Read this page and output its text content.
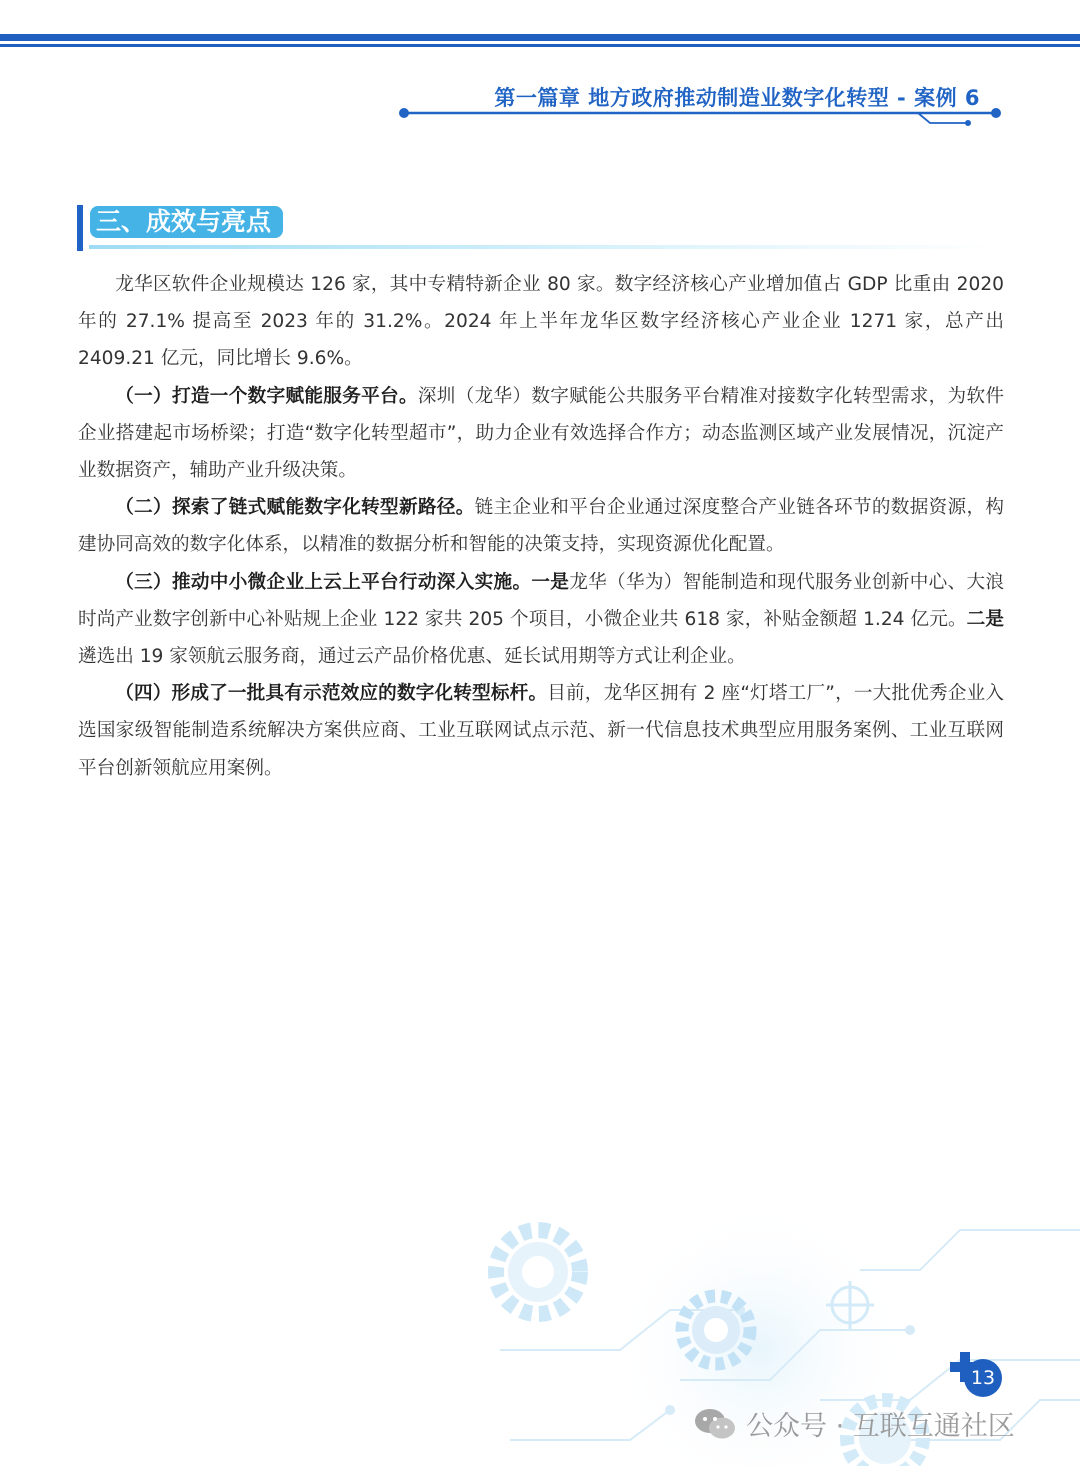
第一篇章 地方政府推动制造业数字化转型 - 案例 6
三、成效与亮点

龙华区软件企业规模达 126 家，其中专精特新企业 80 家。数字经济核心产业增加值占 GDP 比重由 2020 年的 27.1% 提高至 2023 年的 31.2%。2024 年上半年龙华区数字经济核心产业企业 1271 家，总产出 2409.21 亿元，同比增长 9.6%。

（一）打造一个数字赋能服务平台。深圳（龙华）数字赋能公共服务平台精准对接数字化转型需求，为软件企业搭建起市场桥梁；打造“数字化转型超市”，助力企业有效选择合作方；动态监测区域产业发展情况，沉淀产业数据资产，辅助产业升级决策。

（二）探索了链式赋能数字化转型新路径。链主企业和平台企业通过深度整合产业链各环节的数据资源，构建协同高效的数字化体系，以精准的数据分析和智能的决策支持，实现资源优化配置。

（三）推动中小微企业上云上平台行动深入实施。一是龙华（华为）智能制造和现代服务业创新中心、大浪时尚产业数字创新中心补贴规上企业 122 家共 205 个项目，小微企业共 618 家，补贴金额超 1.24 亿元。二是遴选出 19 家领航云服务商，通过云产品价格优惠、延长试用期等方式让利企业。

（四）形成了一批具有示范效应的数字化转型标杆。目前，龙华区拥有 2 座“灯塔工厂”，一大批优秀企业入选国家级智能制造系统解决方案供应商、工业互联网试点示范、新一代信息技术典型应用服务案例、工业互联网平台创新领航应用案例。

13
公众号 · 互联互通社区
